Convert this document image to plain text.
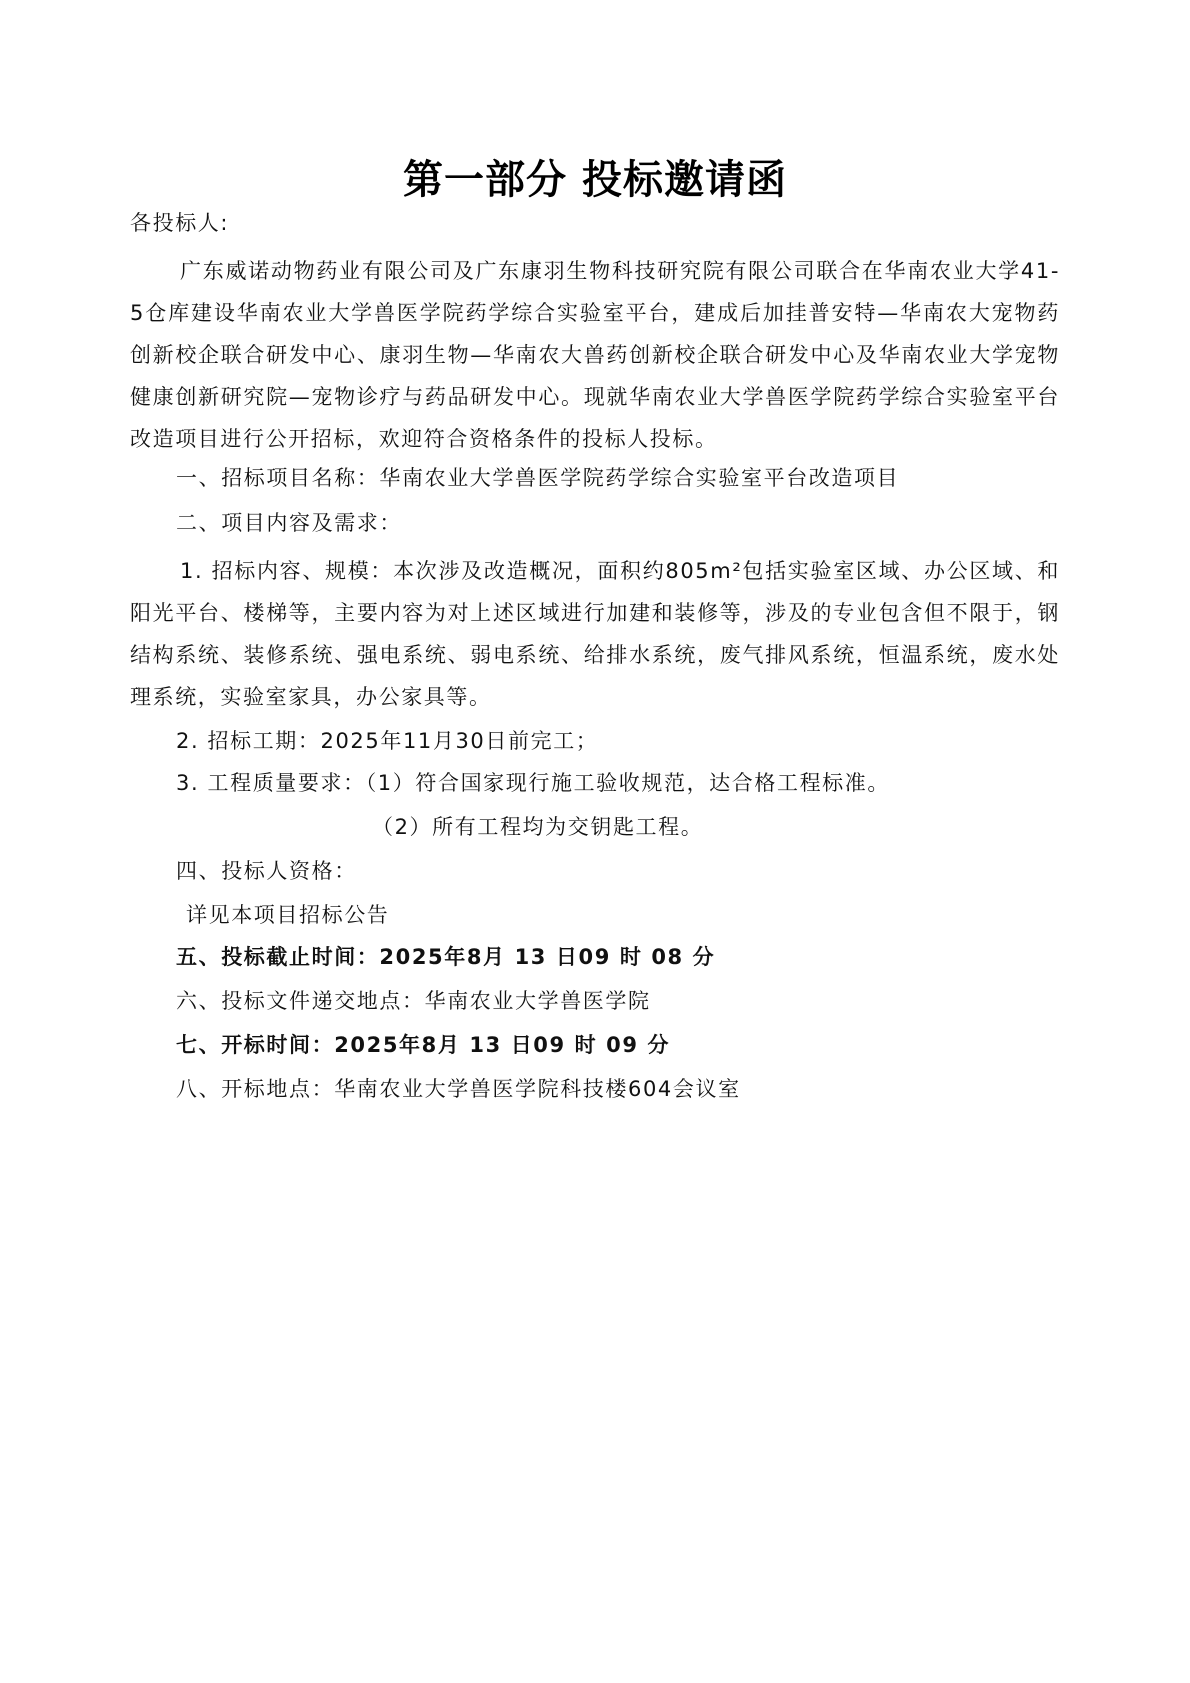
第一部分 投标邀请函
各投标人:
广东威诺动物药业有限公司及广东康羽生物科技研究院有限公司联合在华南农业大学41-5仓库建设华南农业大学兽医学院药学综合实验室平台，建成后加挂普安特—华南农大宠物药创新校企联合研发中心、康羽生物—华南农大兽药创新校企联合研发中心及华南农业大学宠物健康创新研究院—宠物诊疗与药品研发中心。现就华南农业大学兽医学院药学综合实验室平台改造项目进行公开招标，欢迎符合资格条件的投标人投标。
一、招标项目名称：华南农业大学兽医学院药学综合实验室平台改造项目
二、项目内容及需求：
1. 招标内容、规模：本次涉及改造概况，面积约805m²包括实验室区域、办公区域、和阳光平台、楼梯等，主要内容为对上述区域进行加建和装修等，涉及的专业包含但不限于，钢结构系统、装修系统、强电系统、弱电系统、给排水系统，废气排风系统，恒温系统，废水处理系统，实验室家具，办公家具等。
2. 招标工期：2025年11月30日前完工；
3. 工程质量要求：（1）符合国家现行施工验收规范，达合格工程标准。
（2）所有工程均为交钥匙工程。
四、投标人资格：
详见本项目招标公告
五、投标截止时间：2025年8月 13 日09 时 08 分
六、投标文件递交地点：华南农业大学兽医学院
七、开标时间：2025年8月 13 日09 时 09 分
八、开标地点：华南农业大学兽医学院科技楼604会议室
